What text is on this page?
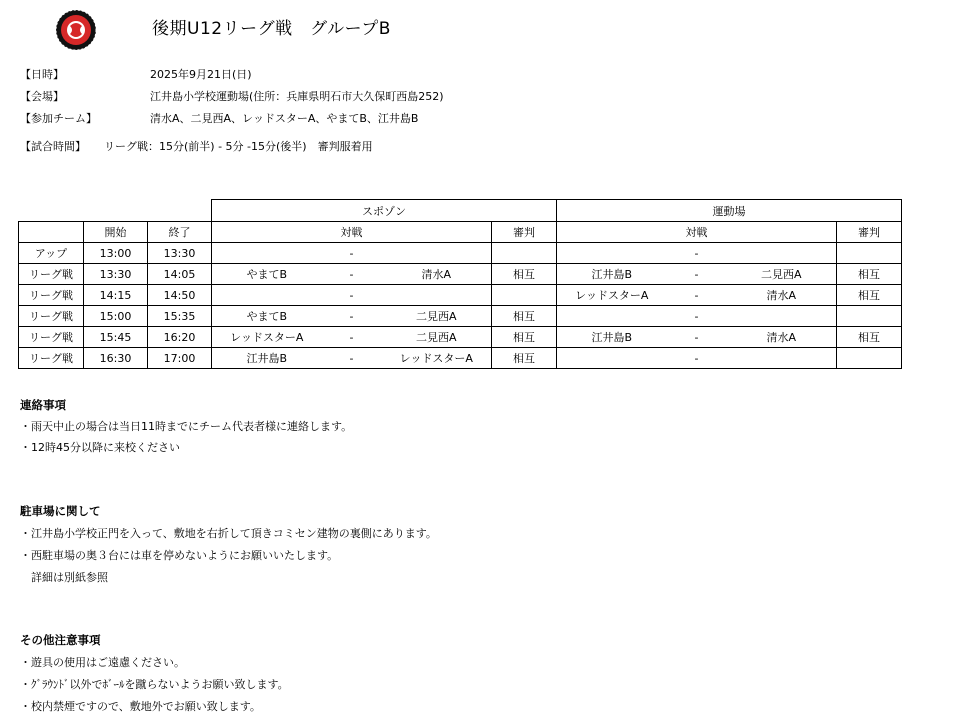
後期U12リーグ戦　グループB
【日時】	2025年9月21日(日)
【会場】	江井島小学校運動場(住所：兵庫県明石市大久保町西島252)
【参加チーム】	清水A、二見西A、レッドスターA、やまてB、江井島B
【試合時間】 リーグ戦：15分(前半) - 5分 -15分(後半)　審判服着用
			スポゾン				運動場			
	開始	終了	対戦			審判	対戦			審判
アップ	13:00	13:30		-				-		
リーグ戦	13:30	14:05	やまてB	-	清水A	相互	江井島B	-	二見西A	相互
リーグ戦	14:15	14:50		-			レッドスターA	-	清水A	相互
リーグ戦	15:00	15:35	やまてB	-	二見西A	相互		-		
リーグ戦	15:45	16:20	レッドスターA	-	二見西A	相互	江井島B	-	清水A	相互
リーグ戦	16:30	17:00	江井島B	-	レッドスターA	相互		-		
連絡事項
・雨天中止の場合は当日11時までにチーム代表者様に連絡します。
・12時45分以降に来校ください
駐車場に関して
・江井島小学校正門を入って、敷地を右折して頂きコミセン建物の裏側にあります。
・西駐車場の奥３台には車を停めないようにお願いいたします。
　詳細は別紙参照
その他注意事項
・遊具の使用はご遠慮ください。
・ｸﾞﾗｳﾝﾄﾞ以外でﾎﾞｰﾙを蹴らないようお願い致します。
・校内禁煙ですので、敷地外でお願い致します。
